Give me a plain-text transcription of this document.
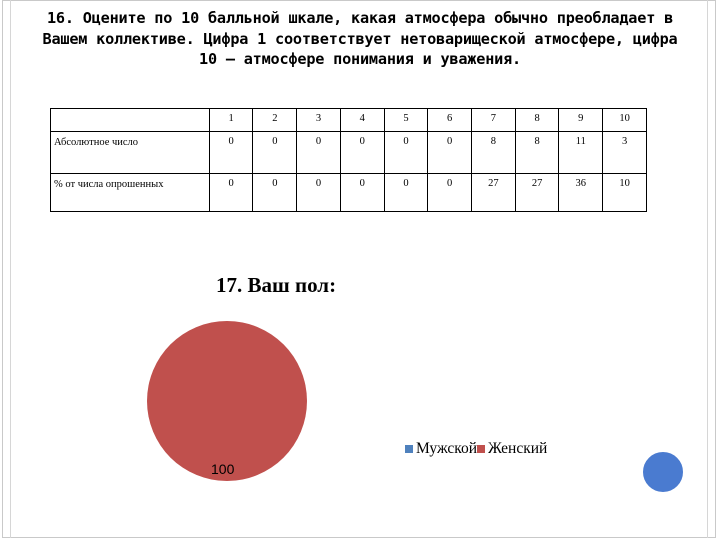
16. Оцените по 10 балльной шкале, какая атмосфера обычно преобладает в Вашем коллективе. Цифра 1 соответствует нетоварищеской атмосфере, цифра 10 – атмосфере понимания и уважения.
	1	2	3	4	5	6	7	8	9	10
Абсолютное число	0	0	0	0	0	0	8	8	11	3
% от числа опрошенных	0	0	0	0	0	0	27	27	36	10
17. Ваш пол:
100
Мужской Женский
